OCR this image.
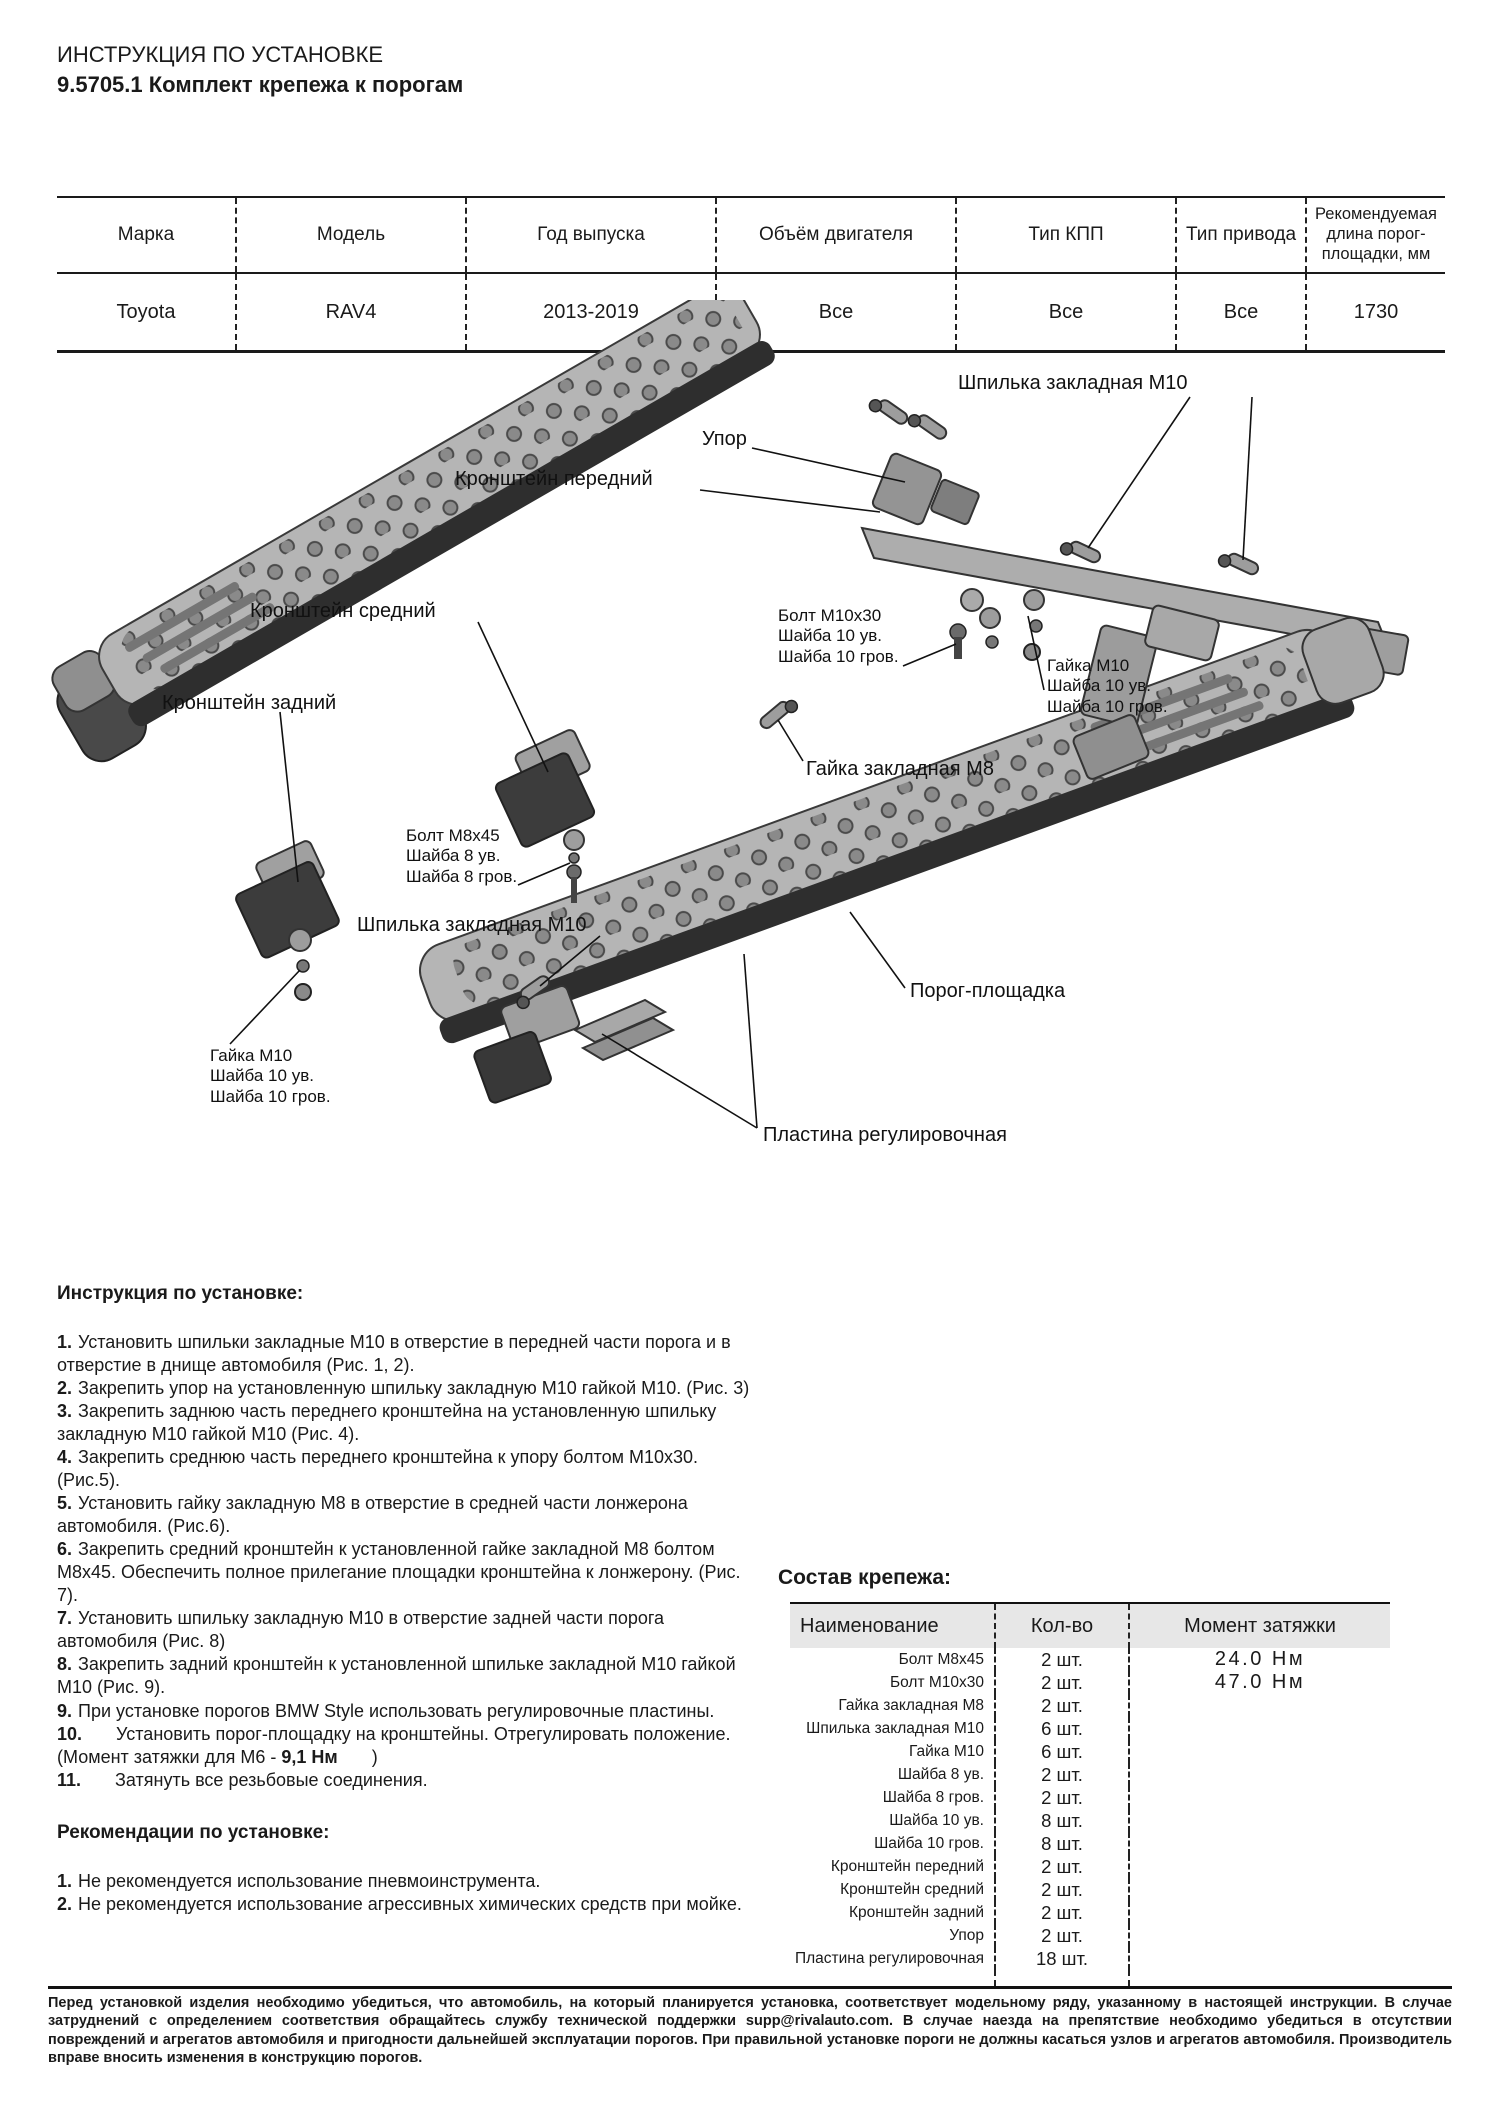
ИНСТРУКЦИЯ ПО УСТАНОВКЕ
9.5705.1 Комплект крепежа к порогам
Марка	Модель	Год выпуска	Объём двигателя	Тип КПП	Тип привода
Рекомендуемая длина порог-площадки, мм
Toyota	RAV4	2013-2019	Все	Все	Все	1730
Шпилька закладная М10
Упор
Кронштейн передний
Кронштейн средний
Кронштейн задний
Болт М10х30
Шайба 10 ув.
Шайба 10 гров.	Гайка М10
Шайба 10 ув.
Шайба 10 гров.
Гайка закладная М8
Болт М8х45
Шайба 8 ув.
Шайба 8 гров.
Шпилька закладная М10
Гайка М10
Шайба 10 ув.
Шайба 10 гров.
Порог-площадка
Пластина регулировочная
Инструкция по установке:

1. Установить шпильки закладные М10 в отверстие в передней части порога и в отверстие в днище автомобиля (Рис. 1, 2).

2. Закрепить упор на установленную шпильку закладную М10 гайкой М10. (Рис. 3)

3. Закрепить заднюю часть переднего кронштейна на установленную шпильку закладную М10 гайкой М10 (Рис. 4).

4. Закрепить среднюю часть переднего кронштейна к упору болтом М10х30. (Рис.5).

5. Установить гайку закладную М8 в отверстие в средней части лонжерона автомобиля. (Рис.6).

6. Закрепить средний кронштейн к установленной гайке закладной М8 болтом М8х45. Обеспечить полное прилегание площадки кронштейна к лонжерону. (Рис. 7).

7. Установить шпильку закладную М10 в отверстие задней части порога автомобиля (Рис. 8)

8. Закрепить задний кронштейн к установленной шпильке закладной М10 гайкой М10 (Рис. 9).

9. При установке порогов BMW Style использовать регулировочные пластины.

10. Установить порог-площадку на кронштейны. Отрегулировать положение. (Момент затяжки для М6 - 9,1 Нм )

11. Затянуть все резьбовые соединения.

Рекомендации по установке:

1. Не рекомендуется использование пневмоинструмента.

2. Не рекомендуется использование агрессивных химических средств при мойке.

Состав крепежа:
Наименование	Кол-во	Момент затяжки
Болт М8х45	2 шт.	24.0 Нм
Болт М10х30	2 шт.	47.0 Нм
Гайка закладная М8	2 шт.
Шпилька закладная М10	6 шт.
Гайка М10	6 шт.
Шайба 8 ув.	2 шт.
Шайба 8 гров.	2 шт.
Шайба 10 ув.	8 шт.
Шайба 10 гров.	8 шт.
Кронштейн передний	2 шт.
Кронштейн средний	2 шт.
Кронштейн задний	2 шт.
Упор	2 шт.
Пластина регулировочная	18 шт.
Перед установкой изделия необходимо убедиться, что автомобиль, на который планируется установка, соответствует модельному ряду, указанному в настоящей инструкции. В случае затруднений с определением соответствия обращайтесь службу технической поддержки supp@rivalauto.com. В случае наезда на препятствие необходимо убедиться в отсутствии повреждений и агрегатов автомобиля и пригодности дальнейшей эксплуатации порогов. При правильной установке пороги не должны касаться узлов и агрегатов автомобиля. Производитель вправе вносить изменения в конструкцию порогов.
